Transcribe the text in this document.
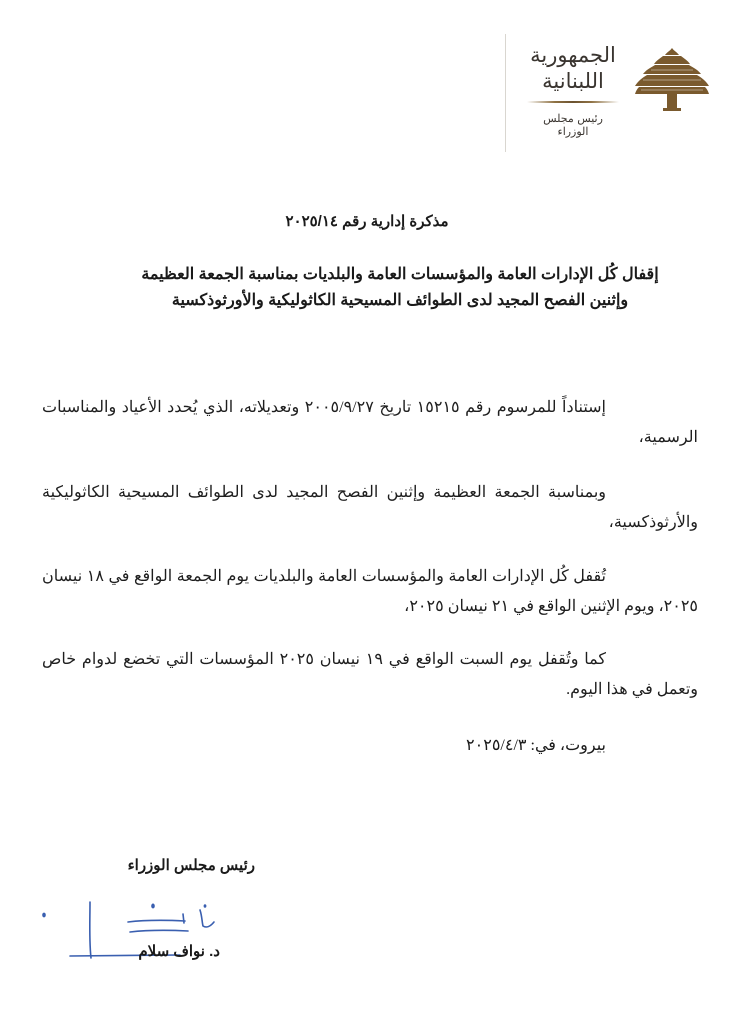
الجمهورية
اللبنانية
رئيس مجلس الوزراء
مذكرة إدارية رقم ٢٠٢٥/١٤
إقفال كُل الإدارات العامة والمؤسسات العامة والبلديات بمناسبة الجمعة العظيمة
وإثنين الفصح المجيد لدى الطوائف المسيحية الكاثوليكية والأورثوذكسية

إستناداً للمرسوم رقم ١٥٢١٥ تاريخ ٢٠٠٥/٩/٢٧ وتعديلاته، الذي يُحدد الأعياد والمناسبات الرسمية،

وبمناسبة الجمعة العظيمة وإثنين الفصح المجيد لدى الطوائف المسيحية الكاثوليكية والأرثوذكسية،

تُقفل كُل الإدارات العامة والمؤسسات العامة والبلديات يوم الجمعة الواقع في ١٨ نيسان ٢٠٢٥، ويوم الإثنين الواقع في ٢١ نيسان ٢٠٢٥،

كما وتُقفل يوم السبت الواقع في ١٩ نيسان ٢٠٢٥ المؤسسات التي تخضع لدوام خاص وتعمل في هذا اليوم.

بيروت، في: ٢٠٢٥/٤/٣
رئيس مجلس الوزراء
د. نواف سلام
